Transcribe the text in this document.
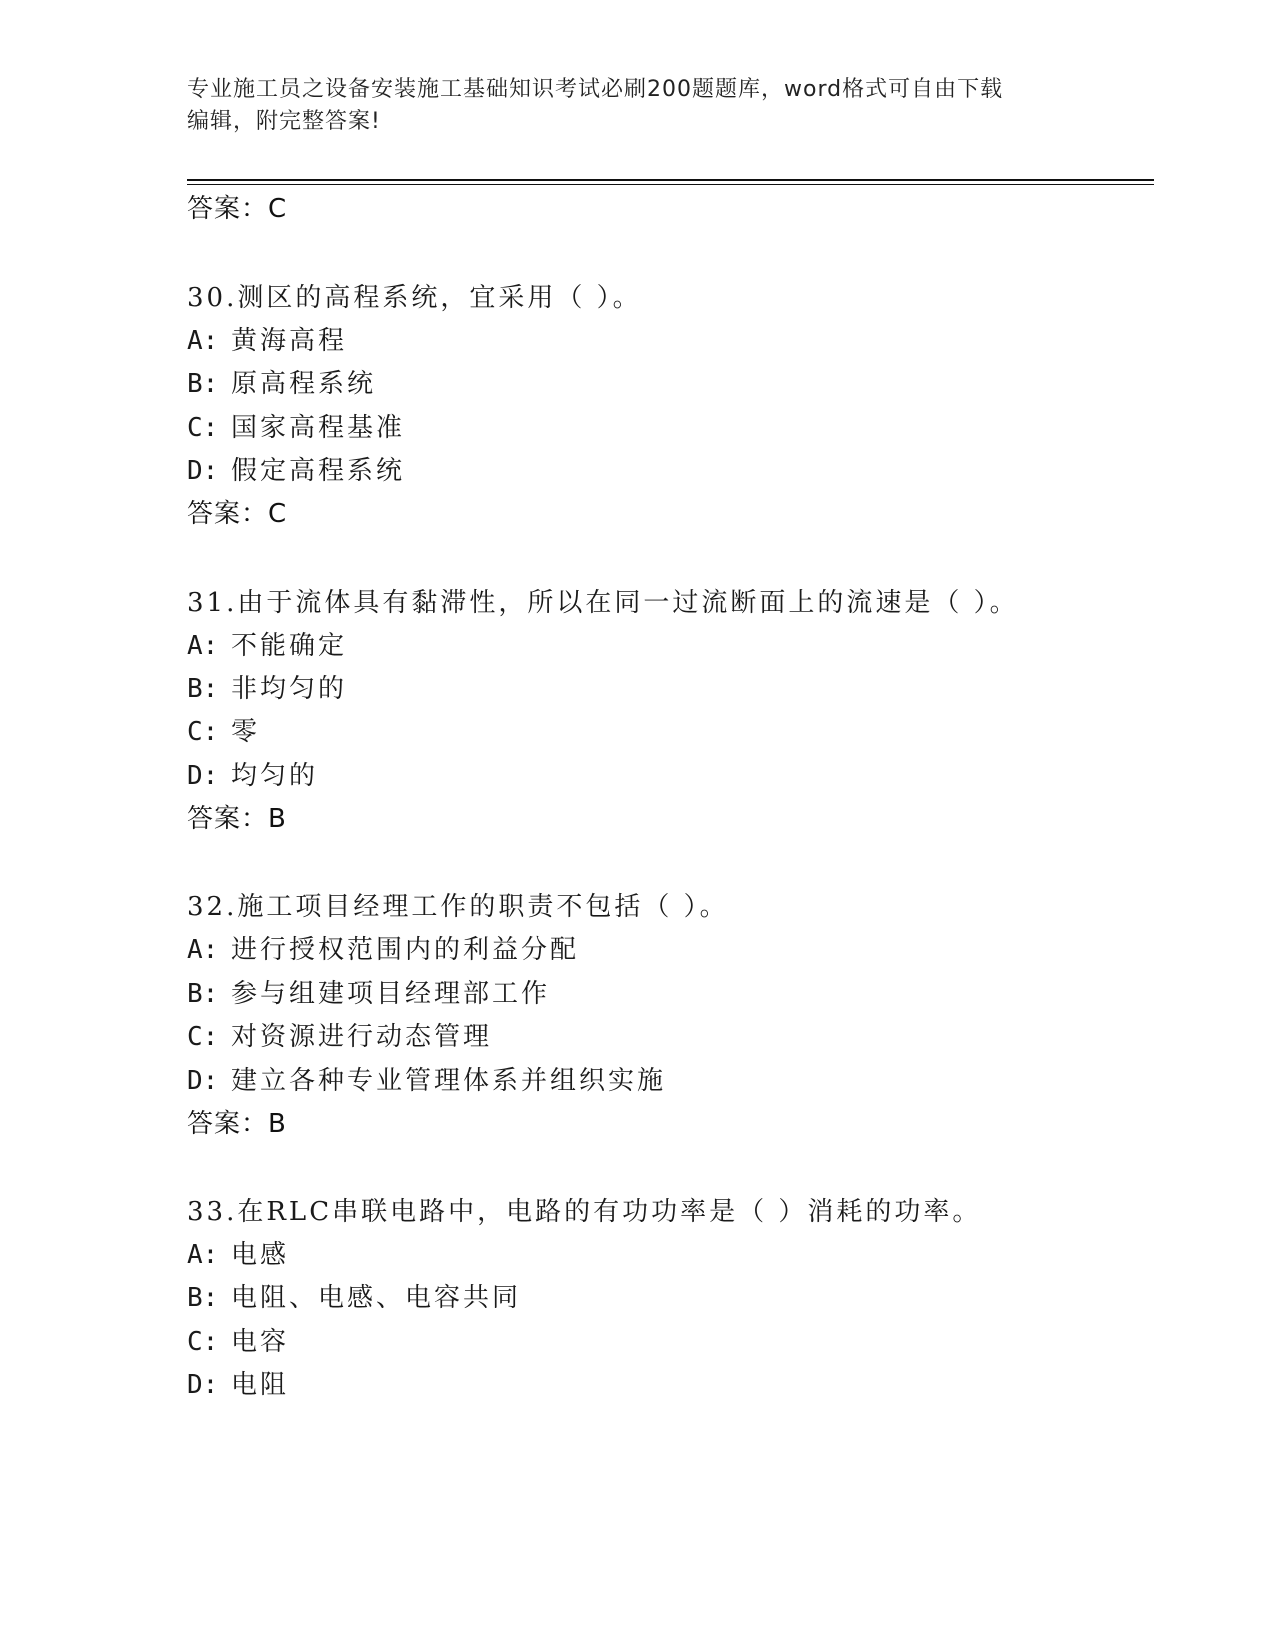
专业施工员之设备安装施工基础知识考试必刷200题题库，word格式可自由下载
编辑，附完整答案!
答案：C
30.测区的高程系统，宜采用（ ）。
A: 黄海高程
B: 原高程系统
C: 国家高程基准
D: 假定高程系统
答案：C
31.由于流体具有黏滞性，所以在同一过流断面上的流速是（ ）。
A: 不能确定
B: 非均匀的
C: 零
D: 均匀的
答案：B
32.施工项目经理工作的职责不包括（ ）。
A: 进行授权范围内的利益分配
B: 参与组建项目经理部工作
C: 对资源进行动态管理
D: 建立各种专业管理体系并组织实施
答案：B
33.在RLC串联电路中，电路的有功功率是（ ）消耗的功率。
A: 电感
B: 电阻、电感、电容共同
C: 电容
D: 电阻
